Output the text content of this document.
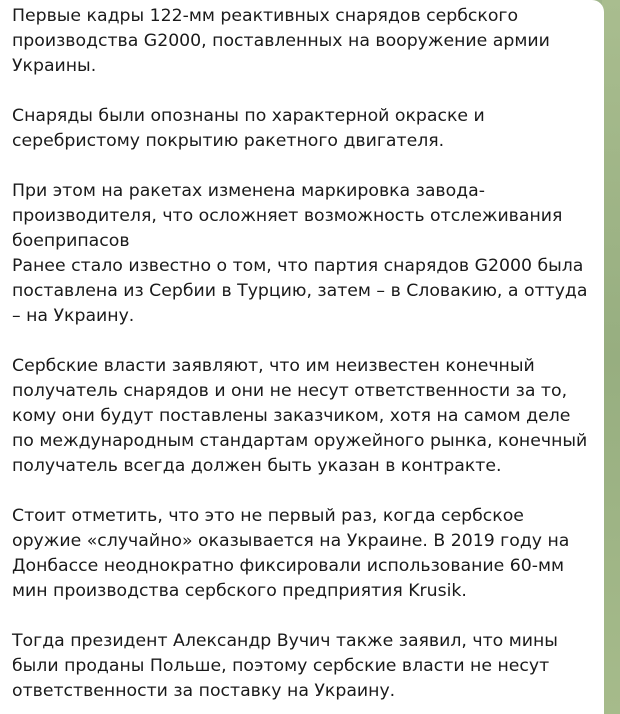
Первые кадры 122-мм реактивных снарядов сербского производства G2000, поставленных на вооружение армии Украины.

Снаряды были опознаны по характерной окраске и серебристому покрытию ракетного двигателя.

При этом на ракетах изменена маркировка завода-производителя, что осложняет возможность отслеживания боеприпасов

Ранее стало известно о том, что партия снарядов G2000 была поставлена из Сербии в Турцию, затем – в Словакию, а оттуда – на Украину.

Сербские власти заявляют, что им неизвестен конечный получатель снарядов и они не несут ответственности за то, кому они будут поставлены заказчиком, хотя на самом деле по международным стандартам оружейного рынка, конечный получатель всегда должен быть указан в контракте.

Стоит отметить, что это не первый раз, когда сербское оружие «случайно» оказывается на Украине. В 2019 году на Донбассе неоднократно фиксировали использование 60-мм мин производства сербского предприятия Krusik.

Тогда президент Александр Вучич также заявил, что мины были проданы Польше, поэтому сербские власти не несут ответственности за поставку на Украину.
